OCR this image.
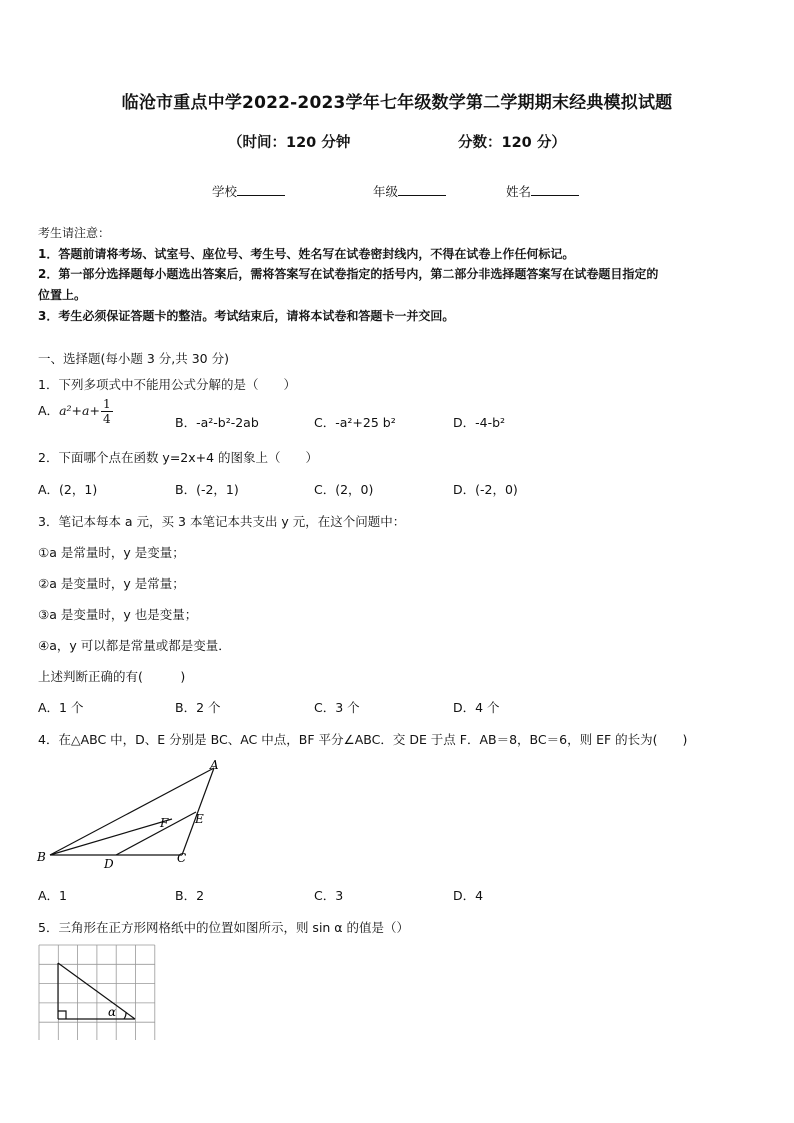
临沧市重点中学2022-2023学年七年级数学第二学期期末经典模拟试题
（时间：120 分钟	分数：120 分）
学校	年级	姓名
考生请注意：
1．答题前请将考场、试室号、座位号、考生号、姓名写在试卷密封线内，不得在试卷上作任何标记。
2．第一部分选择题每小题选出答案后，需将答案写在试卷指定的括号内，第二部分非选择题答案写在试卷题目指定的
位置上。
3．考生必须保证答题卡的整洁。考试结束后，请将本试卷和答题卡一并交回。
一、选择题(每小题 3 分,共 30 分)
1．下列多项式中不能用公式分解的是（　　）
A．$a^2+a+ \frac{1}{4}$	B．-a²-b²-2ab	C．-a²+25 b²	D．-4-b²
2．下面哪个点在函数 y=2x+4 的图象上（　　）
A．(2，1)	B．(-2，1)	C．(2，0)	D．(-2，0)
3．笔记本每本 a 元，买 3 本笔记本共支出 y 元，在这个问题中：
①a 是常量时，y 是变量；
②a 是变量时，y 是常量；
③a 是变量时，y 也是变量；
④a，y 可以都是常量或都是变量．
上述判断正确的有(　　　)
A．1 个	B．2 个	C．3 个	D．4 个
4．在△ABC 中，D、E 分别是 BC、AC 中点，BF 平分∠ABC．交 DE 于点 F．AB＝8，BC＝6，则 EF 的长为(　　)
A
B	C
D
E
F
A．1	B．2	C．3	D．4
5．三角形在正方形网格纸中的位置如图所示，则 sin α 的值是（）
α
